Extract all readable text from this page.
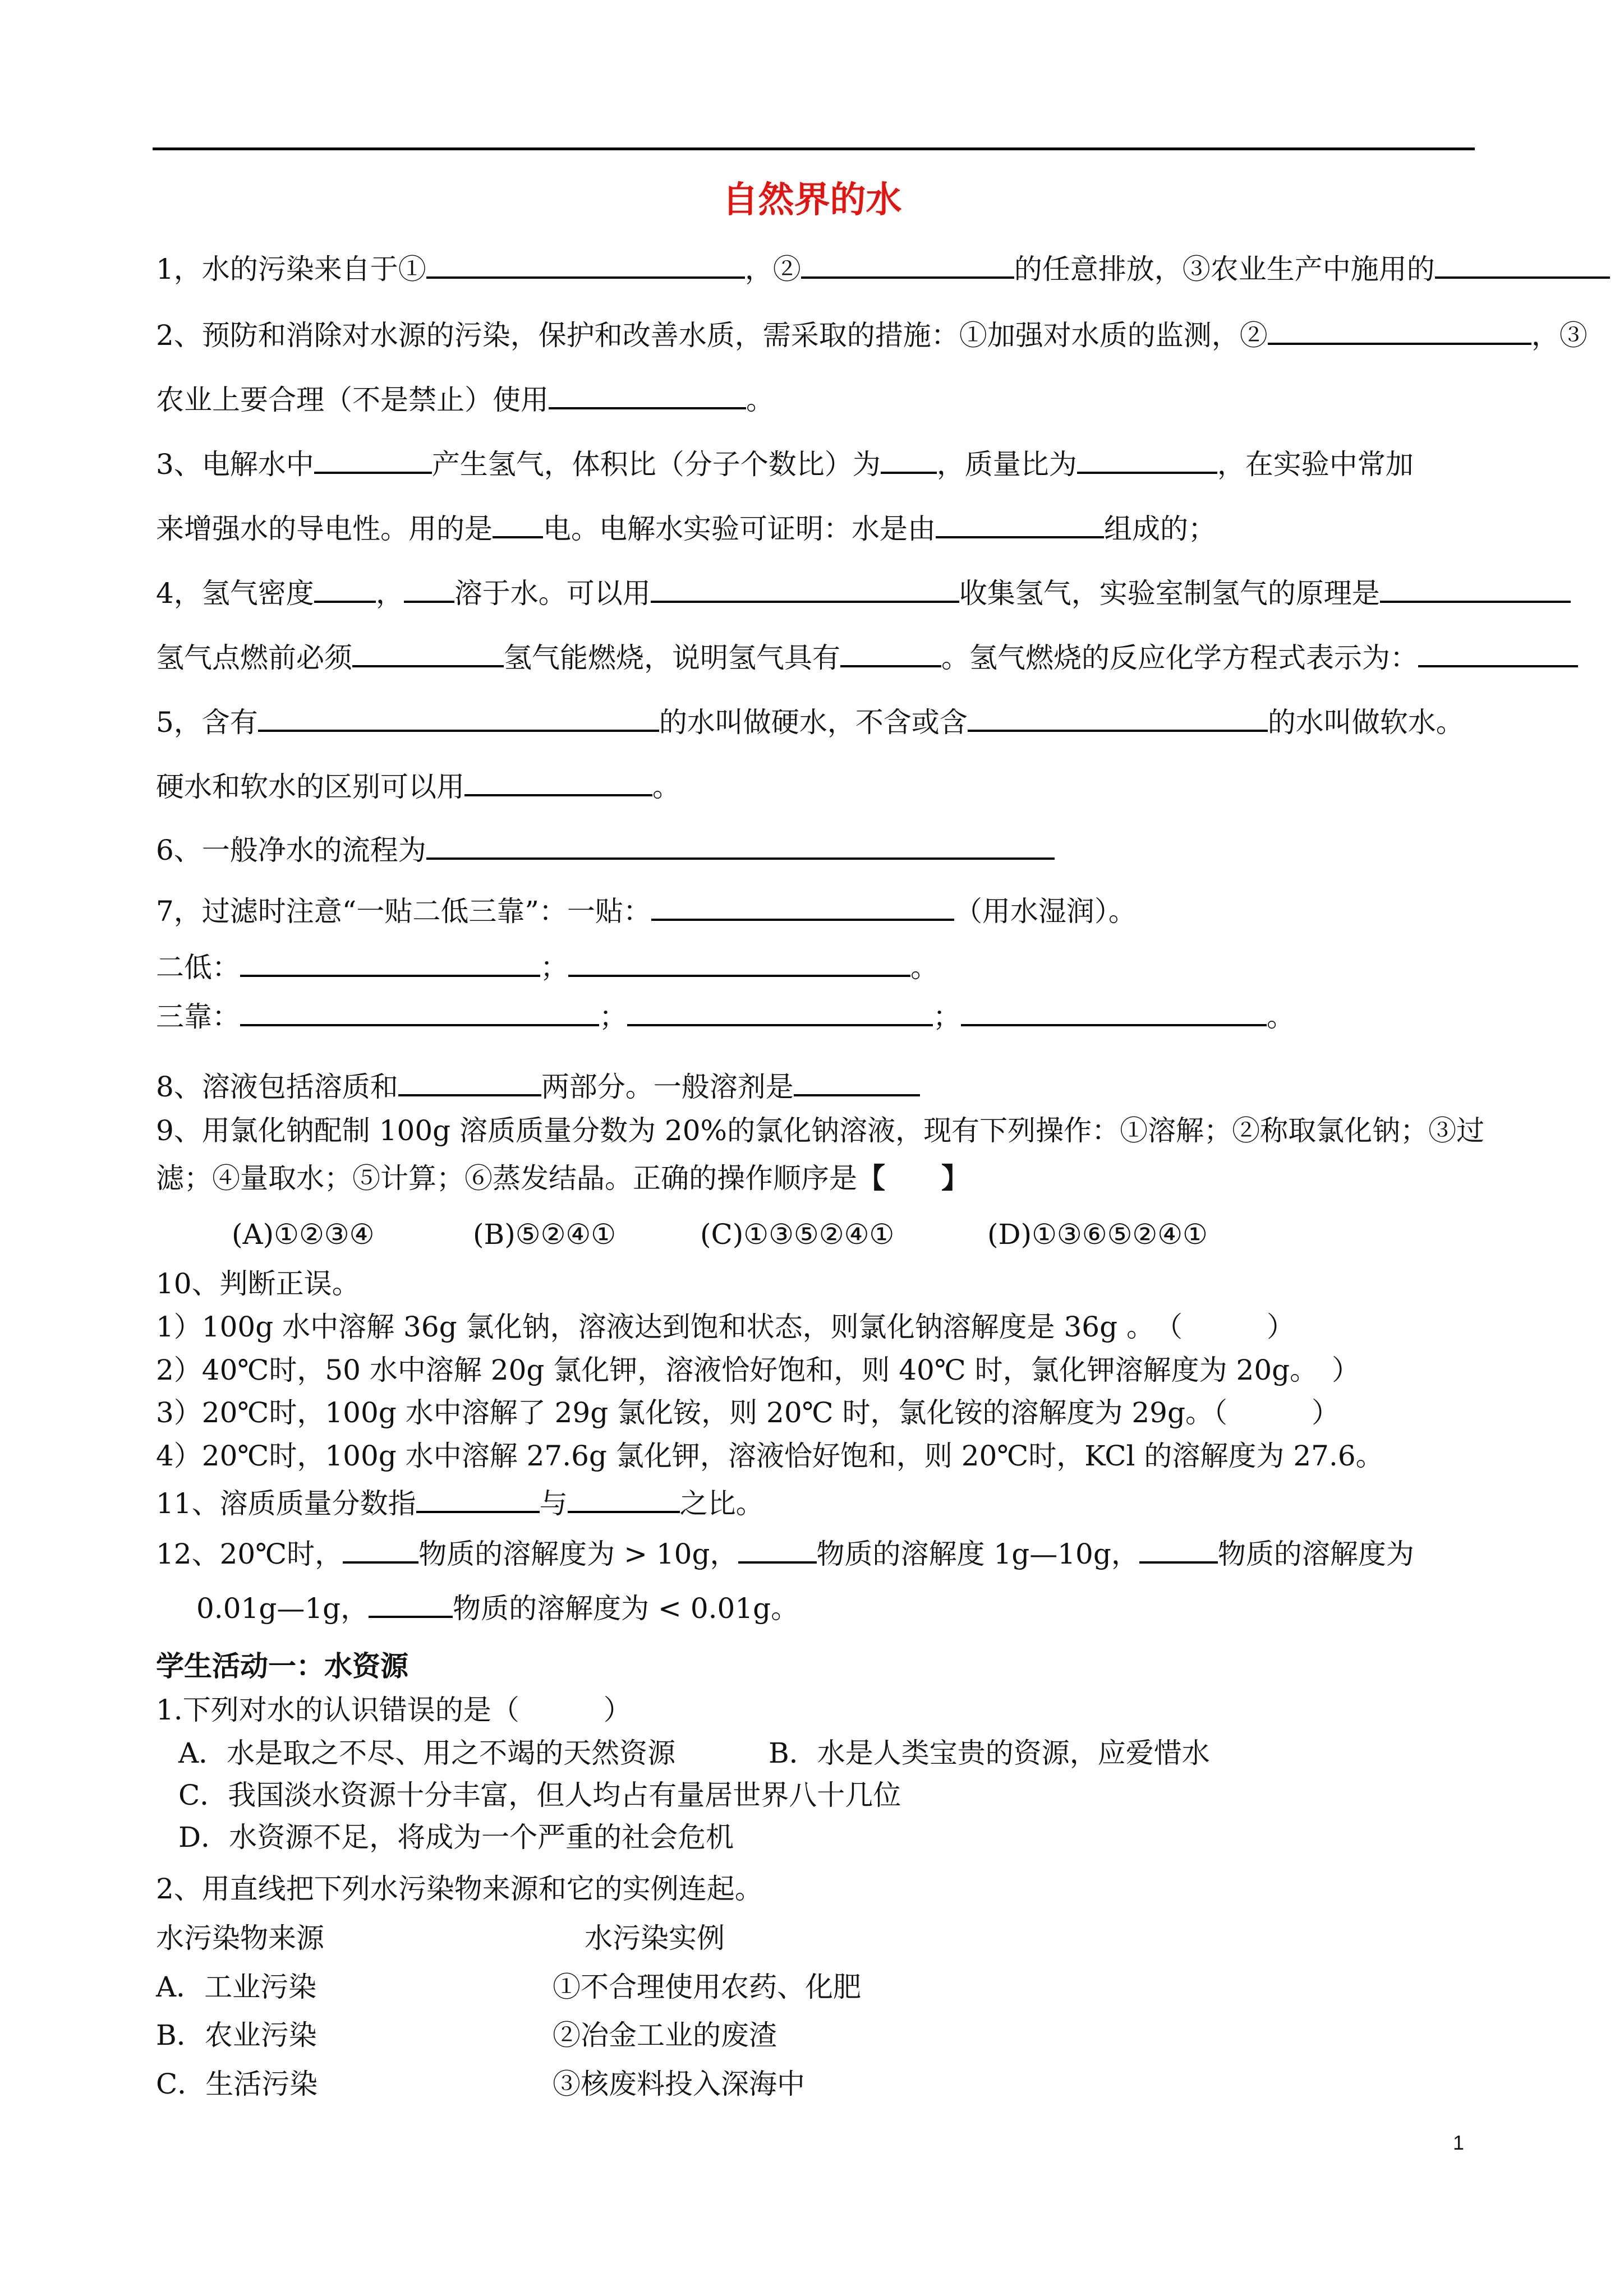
自然界的水
1，水的污染来自于①	，②	的任意排放，③农业生产中施用的
2、预防和消除对水源的污染，保护和改善水质，需采取的措施：①加强对水质的监测，②	，③
农业上要合理（不是禁止）使用	。
3、电解水中	产生氢气，体积比（分子个数比）为 ，质量比为	，在实验中常加
来增强水的导电性。用的是 电。电解水实验可证明：水是由	组成的；
4，氢气密度 ， 溶于水。可以用	收集氢气，实验室制氢气的原理是
氢气点燃前必须	氢气能燃烧，说明氢气具有	。氢气燃烧的反应化学方程式表示为：
5，含有	的水叫做硬水，不含或含	的水叫做软水。
硬水和软水的区别可以用	。
6、一般净水的流程为
7，过滤时注意“一贴二低三靠”：一贴：	（用水湿润）。
二低：	；	。
三靠：	；	；	。
8、溶液包括溶质和	两部分。一般溶剂是
9、用氯化钠配制 100g 溶质质量分数为 20%的氯化钠溶液，现有下列操作：①溶解；②称取氯化钠；③过
滤；④量取水；⑤计算；⑥蒸发结晶。正确的操作顺序是【　　】
(A)①②③④	(B)⑤②④①	(C)①③⑤②④①	(D)①③⑥⑤②④①
10、判断正误。
1）100g 水中溶解 36g 氯化钠，溶液达到饱和状态，则氯化钠溶解度是 36g 。　（　　　）
2）40℃时，50 水中溶解 20g 氯化钾，溶液恰好饱和，则 40℃ 时，氯化钾溶解度为 20g。　）
3）20℃时，100g 水中溶解了 29g 氯化铵，则 20℃ 时，氯化铵的溶解度为 29g。（　　　）
4）20℃时，100g 水中溶解 27.6g 氯化钾，溶液恰好饱和，则 20℃时，KCl 的溶解度为 27.6。
11、溶质质量分数指	与	之比。
12、20℃时，	物质的溶解度为 > 10g，	物质的溶解度 1g—10g，	物质的溶解度为
0.01g—1g，	物质的溶解度为 < 0.01g。
学生活动一：水资源
1.下列对水的认识错误的是（　　　）
A．水是取之不尽、用之不竭的天然资源	B．水是人类宝贵的资源，应爱惜水
C．我国淡水资源十分丰富，但人均占有量居世界八十几位
D．水资源不足，将成为一个严重的社会危机
2、用直线把下列水污染物来源和它的实例连起。
水污染物来源	水污染实例
A．工业污染	①不合理使用农药、化肥
B．农业污染	②冶金工业的废渣
C．生活污染	③核废料投入深海中
1
